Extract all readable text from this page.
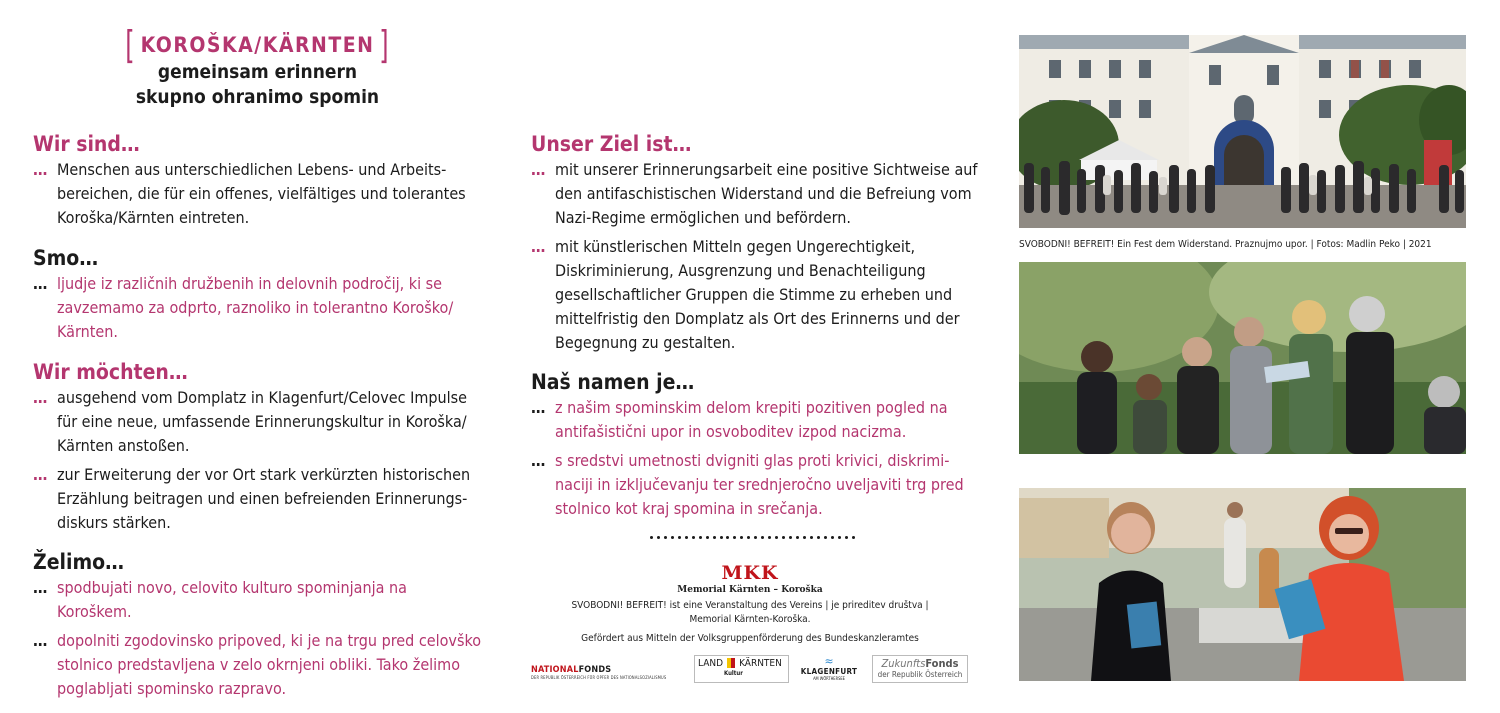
[ KOROŠKA/KÄRNTEN ]
gemeinsam erinnern
skupno ohranimo spomin
Wir sind…
… Menschen aus unterschiedlichen Lebens- und Arbeits-bereichen, die für ein offenes, vielfältiges und tolerantes Koroška/Kärnten eintreten.
Smo…
… ljudje iz različnih družbenih in delovnih področij, ki se zavzemamo za odprto, raznoliko in tolerantno Koroško/ Kärnten.
Wir möchten…
… ausgehend vom Domplatz in Klagenfurt/Celovec Impulse für eine neue, umfassende Erinnerungskultur in Koroška/ Kärnten anstoßen.
… zur Erweiterung der vor Ort stark verkürzten historischen Erzählung beitragen und einen befreienden Erinnerungs-diskurs stärken.
Želimo…
… spodbujati novo, celovito kulturo spominjanja na Koroškem.
… dopolniti zgodovinsko pripoved, ki je na trgu pred celovško stolnico predstavljena v zelo okrnjeni obliki. Tako želimo poglabljati spominsko razpravo.
Unser Ziel ist…
… mit unserer Erinnerungsarbeit eine positive Sichtweise auf den antifaschistischen Widerstand und die Befreiung vom Nazi-Regime ermöglichen und befördern.
… mit künstlerischen Mitteln gegen Ungerechtigkeit, Diskriminierung, Ausgrenzung und Benachteiligung gesellschaftlicher Gruppen die Stimme zu erheben und mittelfristig den Domplatz als Ort des Erinnerns und der Begegnung zu gestalten.
Naš namen je…
… z našim spominskim delom krepiti pozitiven pogled na antifašistični upor in osvoboditev izpod nacizma.
… s sredstvi umetnosti dvigniti glas proti krivici, diskrimi-naciji in izključevanju ter srednjeročno uveljaviti trg pred stolnico kot kraj spomina in srečanja.
MKK
Memorial Kärnten – Koroška
SVOBODNI! BEFREIT! ist eine Veranstaltung des Vereins | je prireditev društva |
Memorial Kärnten-Koroška.
Gefördert aus Mitteln der Volksgruppenförderung des Bundeskanzleramtes
NATIONALFONDS
DER REPUBLIK ÖSTERREICH FÜR OPFER DES NATIONALSOZIALISMUS
LAND KÄRNTEN
Kultur
≈
KLAGENFURT
AM WÖRTHERSEE
ZukunftsFonds
der Republik Österreich
SVOBODNI! BEFREIT! Ein Fest dem Widerstand. Praznujmo upor. | Fotos: Madlin Peko | 2021
